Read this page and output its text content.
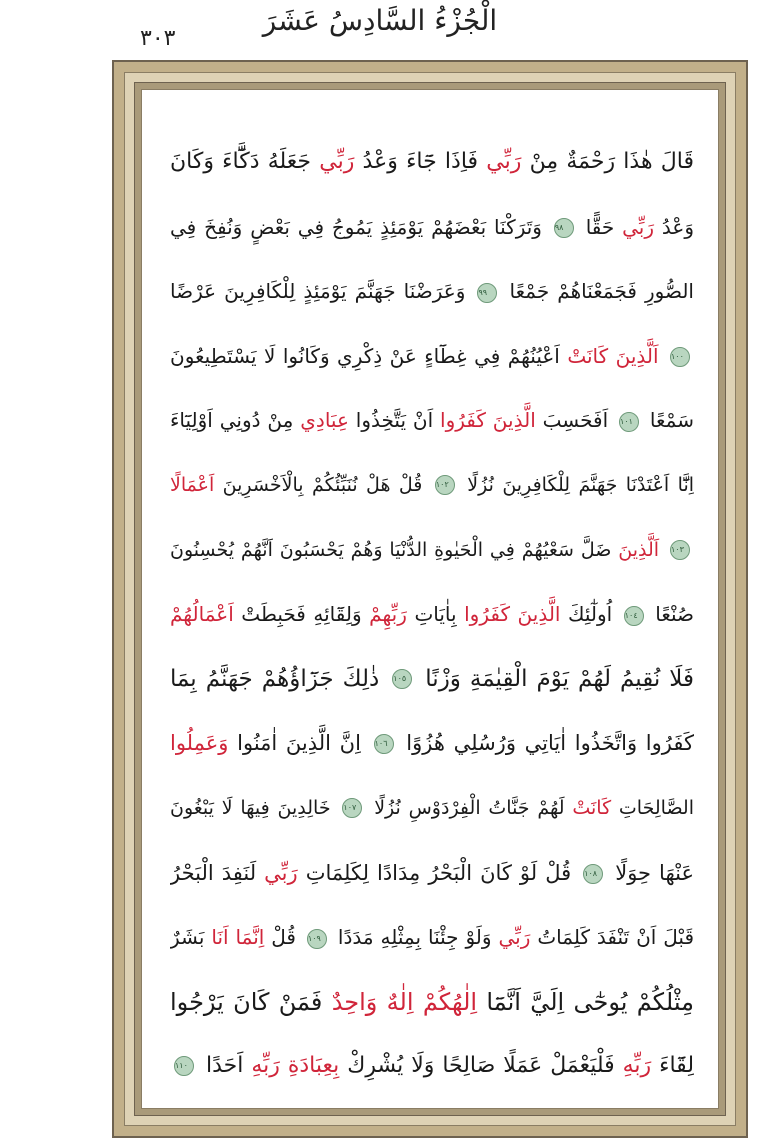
الْجُزْءُ السَّادِسُ عَشَرَ
٣٠٣
قَالَ هٰذَا رَحْمَةٌ مِنْ رَبِّي فَاِذَا جَٓاءَ وَعْدُ رَبِّي جَعَلَهُ دَكَّٓاءَ وَكَانَ
وَعْدُ رَبِّي حَقًّا ٩٨ وَتَرَكْنَا بَعْضَهُمْ يَوْمَئِذٍ يَمُوجُ فِي بَعْضٍ وَنُفِخَ فِي
الصُّورِ فَجَمَعْنَاهُمْ جَمْعًا ٩٩ وَعَرَضْنَا جَهَنَّمَ يَوْمَئِذٍ لِلْكَافِرِينَ عَرْضًا
١٠٠ اَلَّذِينَ كَانَتْ اَعْيُنُهُمْ فِي غِطَٓاءٍ عَنْ ذِكْرِي وَكَانُوا لَا يَسْتَطِيعُونَ
سَمْعًا ١٠١ اَفَحَسِبَ الَّذِينَ كَفَرُوا اَنْ يَتَّخِذُوا عِبَادِي مِنْ دُونِي اَوْلِيَٓاءَ
اِنَّٓا اَعْتَدْنَا جَهَنَّمَ لِلْكَافِرِينَ نُزُلًا ١٠٢ قُلْ هَلْ نُنَبِّئُكُمْ بِالْاَخْسَرِينَ اَعْمَالًا
١٠٣ اَلَّذِينَ ضَلَّ سَعْيُهُمْ فِي الْحَيٰوةِ الدُّنْيَا وَهُمْ يَحْسَبُونَ اَنَّهُمْ يُحْسِنُونَ
صُنْعًا ١٠٤ اُولٰٓئِكَ الَّذِينَ كَفَرُوا بِاٰيَاتِ رَبِّهِمْ وَلِقَٓائِهِ فَحَبِطَتْ اَعْمَالُهُمْ
فَلَا نُقِيمُ لَهُمْ يَوْمَ الْقِيٰمَةِ وَزْنًا ١٠٥ ذٰلِكَ جَزَٓاؤُهُمْ جَهَنَّمُ بِمَا
كَفَرُوا وَاتَّخَذُوا اٰيَاتِي وَرُسُلِي هُزُوًا ١٠٦ اِنَّ الَّذِينَ اٰمَنُوا وَعَمِلُوا
الصَّالِحَاتِ كَانَتْ لَهُمْ جَنَّاتُ الْفِرْدَوْسِ نُزُلًا ١٠٧ خَالِدِينَ فِيهَا لَا يَبْغُونَ
عَنْهَا حِوَلًا ١٠٨ قُلْ لَوْ كَانَ الْبَحْرُ مِدَادًا لِكَلِمَاتِ رَبِّي لَنَفِدَ الْبَحْرُ
قَبْلَ اَنْ تَنْفَدَ كَلِمَاتُ رَبِّي وَلَوْ جِئْنَا بِمِثْلِهِ مَدَدًا ١٠٩ قُلْ اِنَّمَا اَنَا بَشَرٌ
مِثْلُكُمْ يُوحٰٓى اِلَيَّ اَنَّمَٓا اِلٰهُكُمْ اِلٰهٌ وَاحِدٌ فَمَنْ كَانَ يَرْجُوا
لِقَٓاءَ رَبِّهِ فَلْيَعْمَلْ عَمَلًا صَالِحًا وَلَا يُشْرِكْ بِعِبَادَةِ رَبِّهِ اَحَدًا ١١٠
